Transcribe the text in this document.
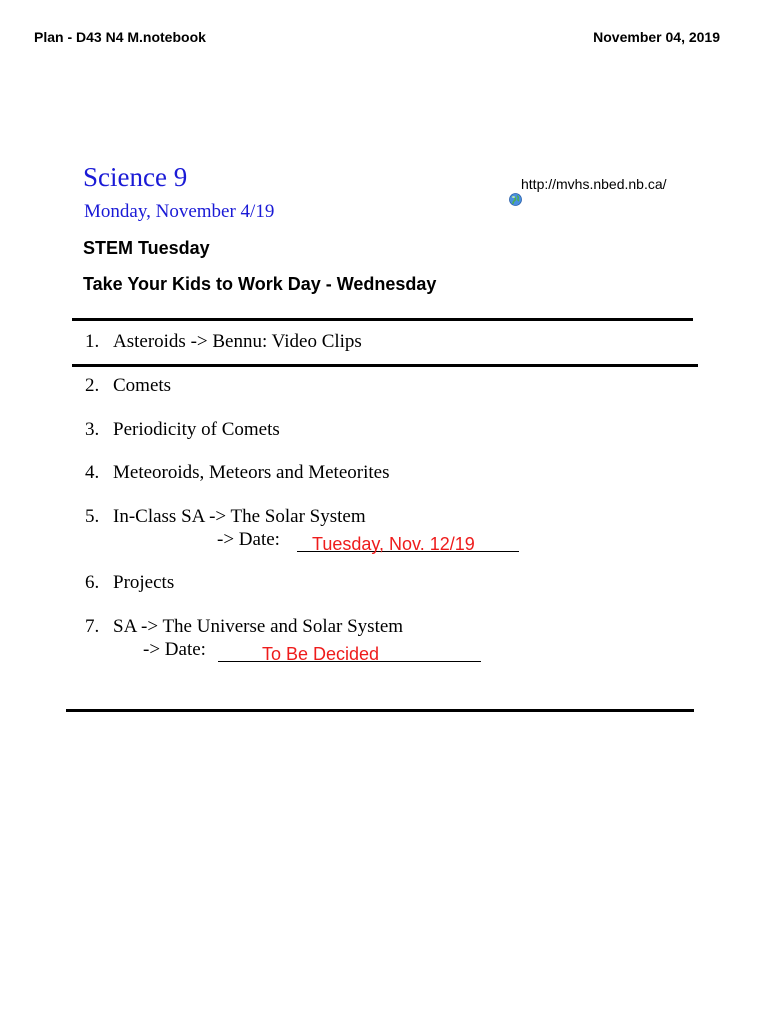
Plan - D43 N4 M.notebook	November 04, 2019
Science 9
Monday, November 4/19
http://mvhs.nbed.nb.ca/
STEM Tuesday
Take Your Kids to Work Day - Wednesday
1. Asteroids -> Bennu: Video Clips
2. Comets
3. Periodicity of Comets
4. Meteoroids, Meteors and Meteorites
5. In-Class SA -> The Solar System
-> Date: Tuesday, Nov. 12/19
6. Projects
7. SA -> The Universe and Solar System
-> Date:	To Be Decided
